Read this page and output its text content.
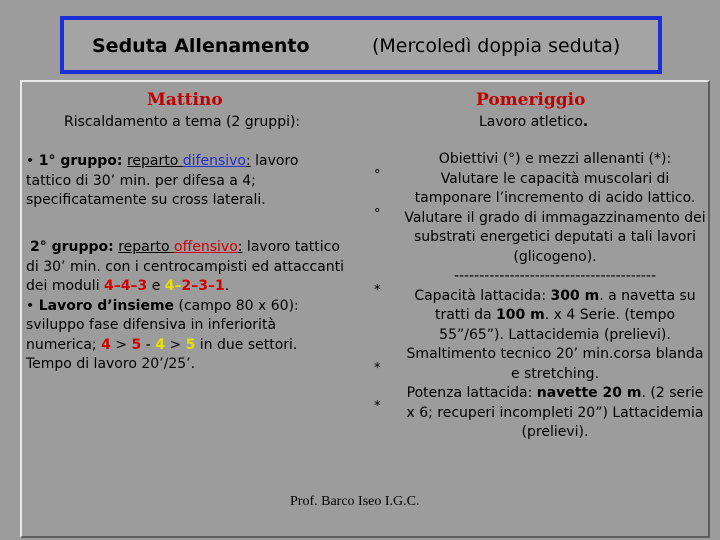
Seduta Allenamento	(Mercoledì doppia seduta)
Mattino
Riscaldamento a tema (2 gruppi):
• 1° gruppo: reparto difensivo: lavoro tattico di 30’ min. per difesa a 4; specificatamente su cross laterali.
2° gruppo: reparto offensivo: lavoro tattico di 30’ min. con i centrocampisti ed attaccanti dei moduli 4–4–3 e 4–2–3–1.
• Lavoro d’insieme (campo 80 x 60): sviluppo fase difensiva in inferiorità numerica; 4 > 5 - 4 > 5 in due settori. Tempo di lavoro 20’/25’.
Pomeriggio
Lavoro atletico.
°
°
*
*
*
Obiettivi (°) e mezzi allenanti (*):
Valutare le capacità muscolari di tamponare l’incremento di acido lattico.
Valutare il grado di immagazzinamento dei substrati energetici deputati a tali lavori (glicogeno).
----------------------------------------
Capacità lattacida: 300 m. a navetta su tratti da 100 m. x 4 Serie. (tempo 55”/65”). Lattacidemia (prelievi).
Smaltimento tecnico 20’ min.corsa blanda e stretching.
Potenza lattacida: navette 20 m. (2 serie x 6; recuperi incompleti 20”) Lattacidemia (prelievi).
Prof. Barco Iseo I.G.C.
